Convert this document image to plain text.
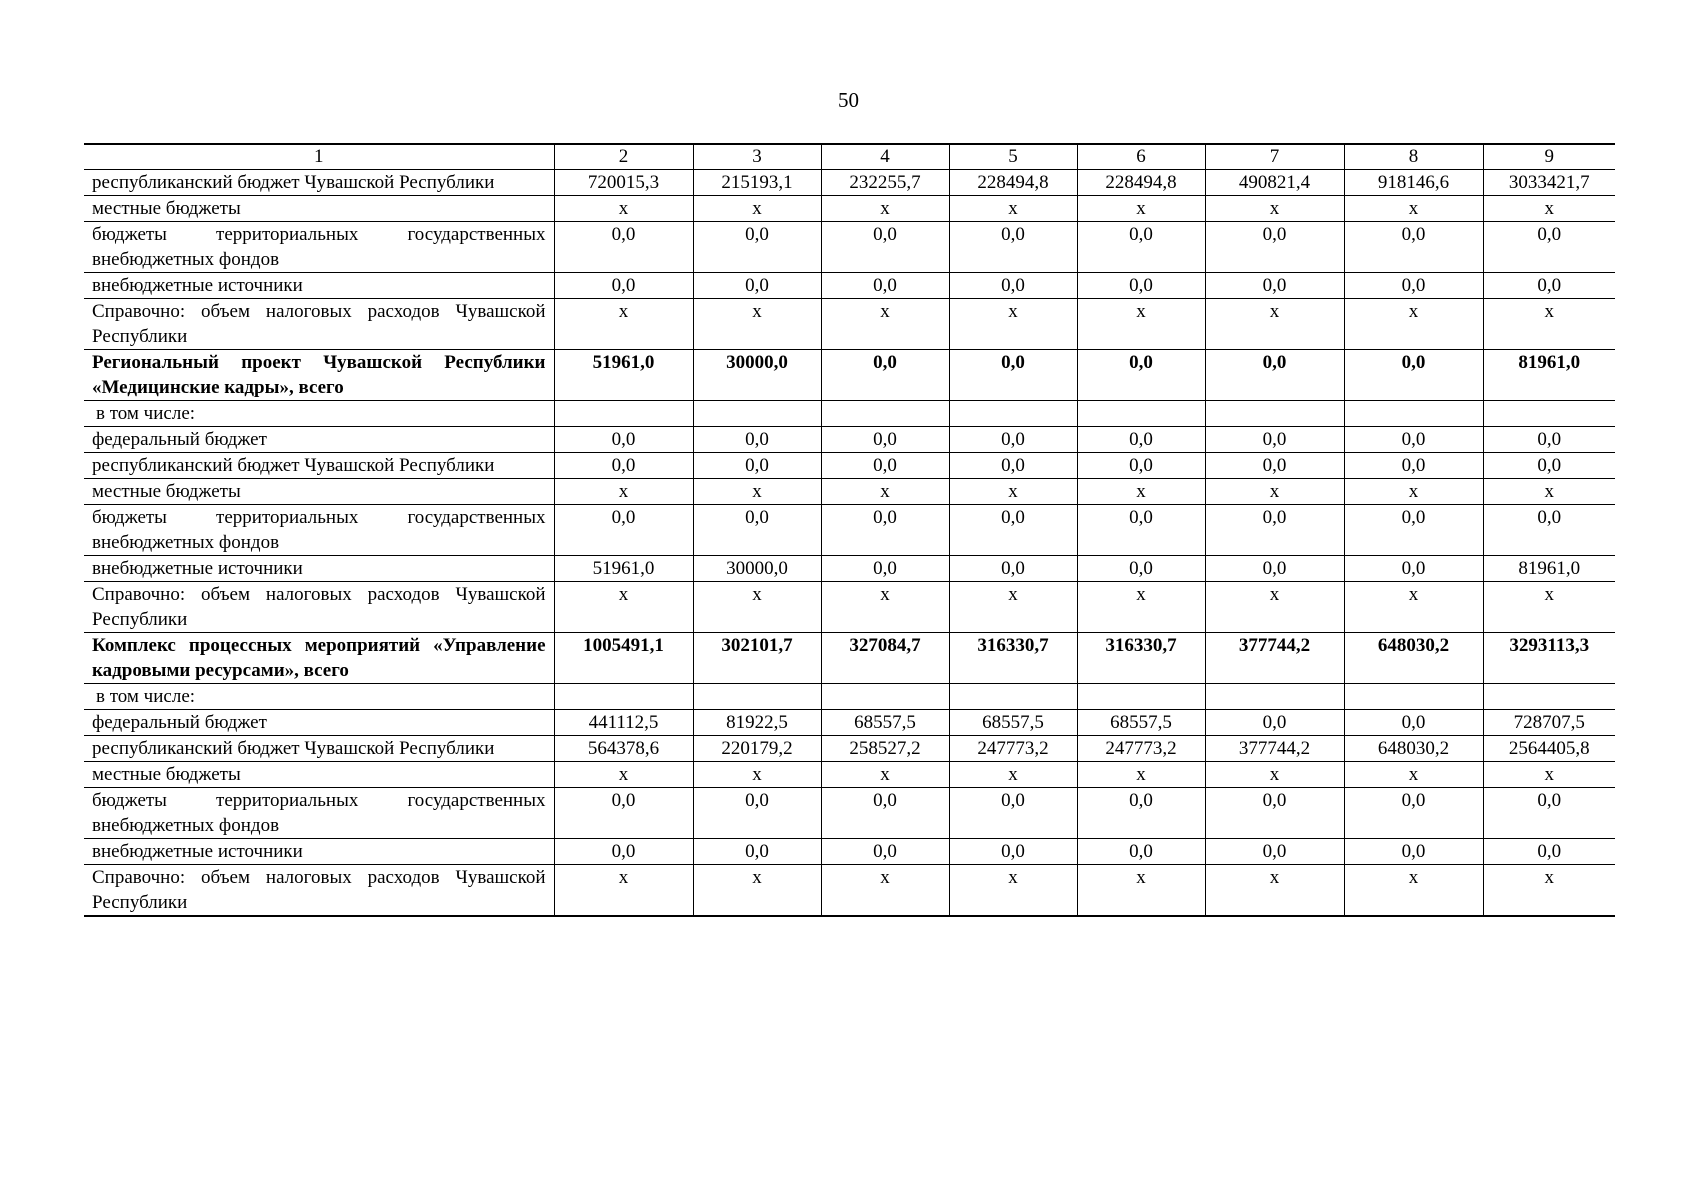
50
1	2	3	4	5	6	7	8	9
республиканский бюджет Чувашской Республики	720015,3	215193,1	232255,7	228494,8	228494,8	490821,4	918146,6	3033421,7
местные бюджеты	х	х	х	х	х	х	х	х
бюджеты территориальных государственных внебюджетных фондов	0,0	0,0	0,0	0,0	0,0	0,0	0,0	0,0
внебюджетные источники	0,0	0,0	0,0	0,0	0,0	0,0	0,0	0,0
Справочно: объем налоговых расходов Чувашской Республики	х	х	х	х	х	х	х	х
Региональный проект Чувашской Республики «Медицинские кадры», всего	51961,0	30000,0	0,0	0,0	0,0	0,0	0,0	81961,0
в том числе:								
федеральный бюджет	0,0	0,0	0,0	0,0	0,0	0,0	0,0	0,0
республиканский бюджет Чувашской Республики	0,0	0,0	0,0	0,0	0,0	0,0	0,0	0,0
местные бюджеты	х	х	х	х	х	х	х	х
бюджеты территориальных государственных внебюджетных фондов	0,0	0,0	0,0	0,0	0,0	0,0	0,0	0,0
внебюджетные источники	51961,0	30000,0	0,0	0,0	0,0	0,0	0,0	81961,0
Справочно: объем налоговых расходов Чувашской Республики	х	х	х	х	х	х	х	х
Комплекс процессных мероприятий «Управление кадровыми ресурсами», всего	1005491,1	302101,7	327084,7	316330,7	316330,7	377744,2	648030,2	3293113,3
в том числе:								
федеральный бюджет	441112,5	81922,5	68557,5	68557,5	68557,5	0,0	0,0	728707,5
республиканский бюджет Чувашской Республики	564378,6	220179,2	258527,2	247773,2	247773,2	377744,2	648030,2	2564405,8
местные бюджеты	х	х	х	х	х	х	х	х
бюджеты территориальных государственных внебюджетных фондов	0,0	0,0	0,0	0,0	0,0	0,0	0,0	0,0
внебюджетные источники	0,0	0,0	0,0	0,0	0,0	0,0	0,0	0,0
Справочно: объем налоговых расходов Чувашской Республики	х	х	х	х	х	х	х	х
